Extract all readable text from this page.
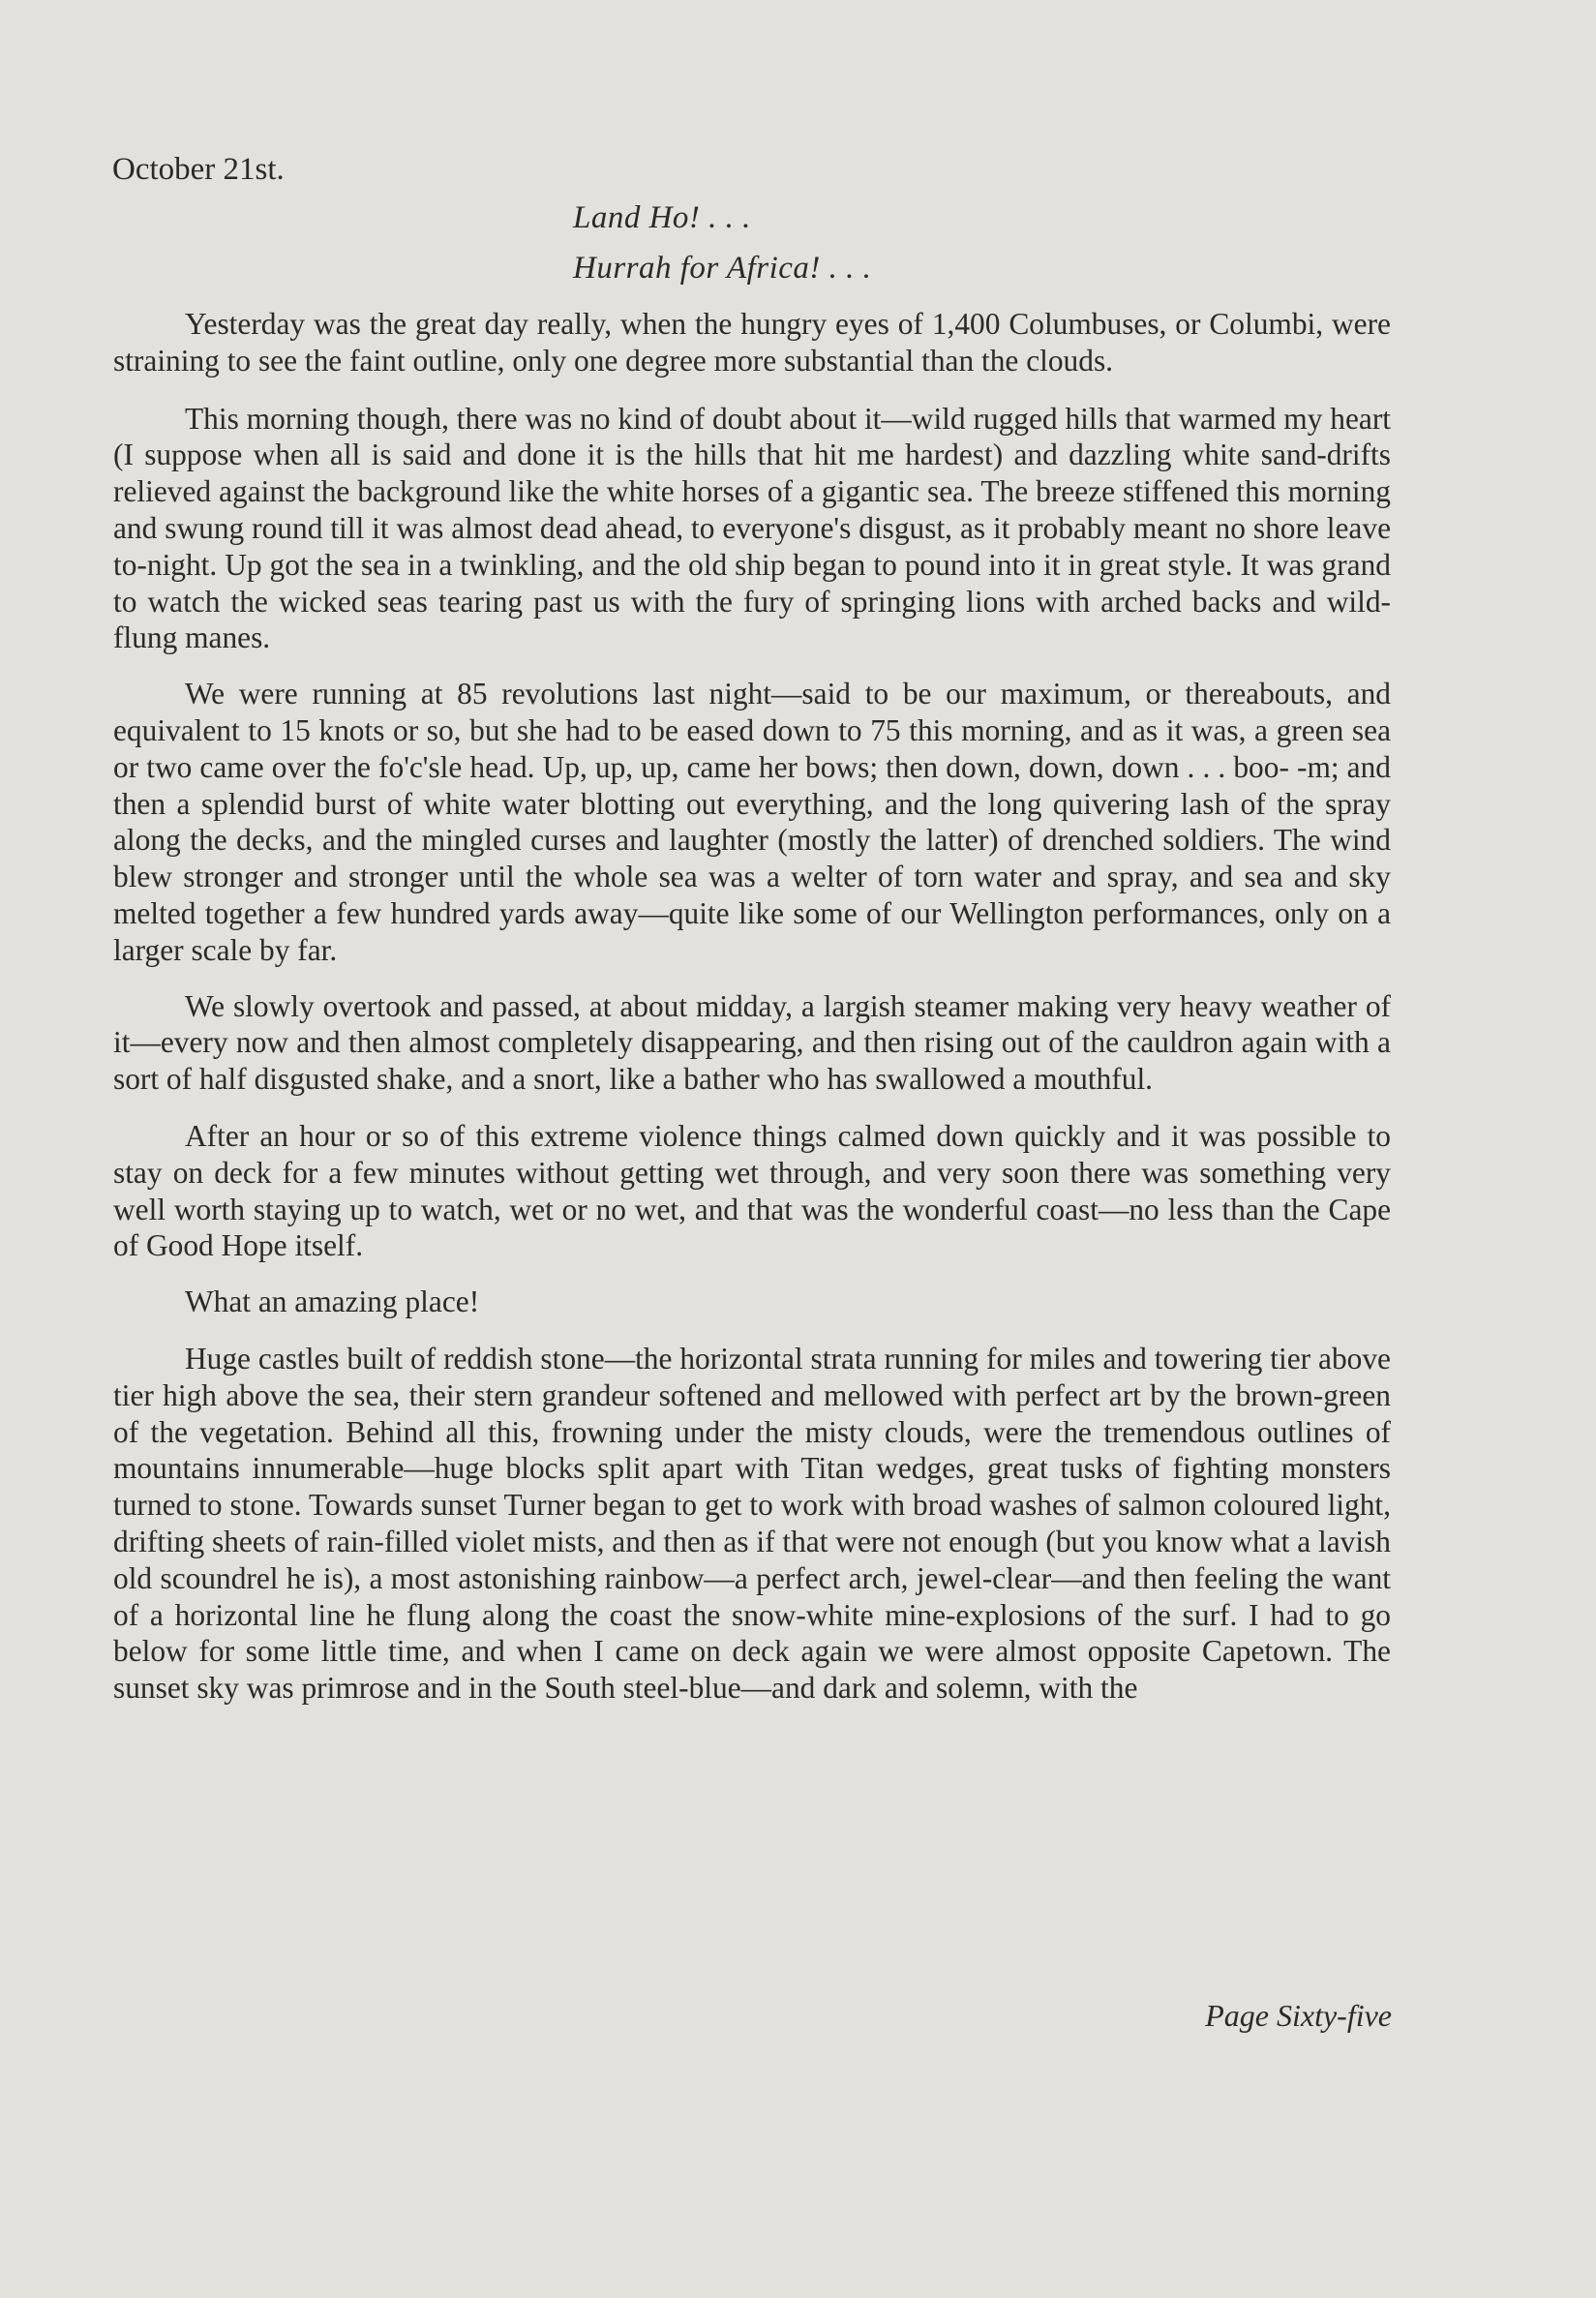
October 21st.

Land Ho! . . .

Hurrah for Africa! . . .

Yesterday was the great day really, when the hungry eyes of 1,400 Columbuses, or Columbi, were straining to see the faint outline, only one degree more substantial than the clouds.

This morning though, there was no kind of doubt about it—wild rugged hills that warmed my heart (I suppose when all is said and done it is the hills that hit me hardest) and dazzling white sand-drifts relieved against the background like the white horses of a gigantic sea. The breeze stiffened this morning and swung round till it was almost dead ahead, to everyone's disgust, as it probably meant no shore leave to-night. Up got the sea in a twinkling, and the old ship began to pound into it in great style. It was grand to watch the wicked seas tearing past us with the fury of springing lions with arched backs and wild-flung manes.

We were running at 85 revolutions last night—said to be our maximum, or thereabouts, and equivalent to 15 knots or so, but she had to be eased down to 75 this morning, and as it was, a green sea or two came over the fo'c'sle head. Up, up, up, came her bows; then down, down, down . . . boo- -m; and then a splendid burst of white water blotting out everything, and the long quivering lash of the spray along the decks, and the mingled curses and laughter (mostly the latter) of drenched soldiers. The wind blew stronger and stronger until the whole sea was a welter of torn water and spray, and sea and sky melted together a few hundred yards away—quite like some of our Wellington performances, only on a larger scale by far.

We slowly overtook and passed, at about midday, a largish steamer making very heavy weather of it—every now and then almost completely disappearing, and then rising out of the cauldron again with a sort of half disgusted shake, and a snort, like a bather who has swallowed a mouthful.

After an hour or so of this extreme violence things calmed down quickly and it was possible to stay on deck for a few minutes without getting wet through, and very soon there was something very well worth staying up to watch, wet or no wet, and that was the wonderful coast—no less than the Cape of Good Hope itself.

What an amazing place!

Huge castles built of reddish stone—the horizontal strata running for miles and towering tier above tier high above the sea, their stern grandeur softened and mellowed with perfect art by the brown-green of the vegetation. Behind all this, frowning under the misty clouds, were the tremendous outlines of mountains innumerable—huge blocks split apart with Titan wedges, great tusks of fighting monsters turned to stone. Towards sunset Turner began to get to work with broad washes of salmon coloured light, drifting sheets of rain-filled violet mists, and then as if that were not enough (but you know what a lavish old scoundrel he is), a most astonishing rainbow—a perfect arch, jewel-clear—and then feeling the want of a horizontal line he flung along the coast the snow-white mine-explosions of the surf. I had to go below for some little time, and when I came on deck again we were almost opposite Capetown. The sunset sky was primrose and in the South steel-blue—and dark and solemn, with the

Page Sixty-five
